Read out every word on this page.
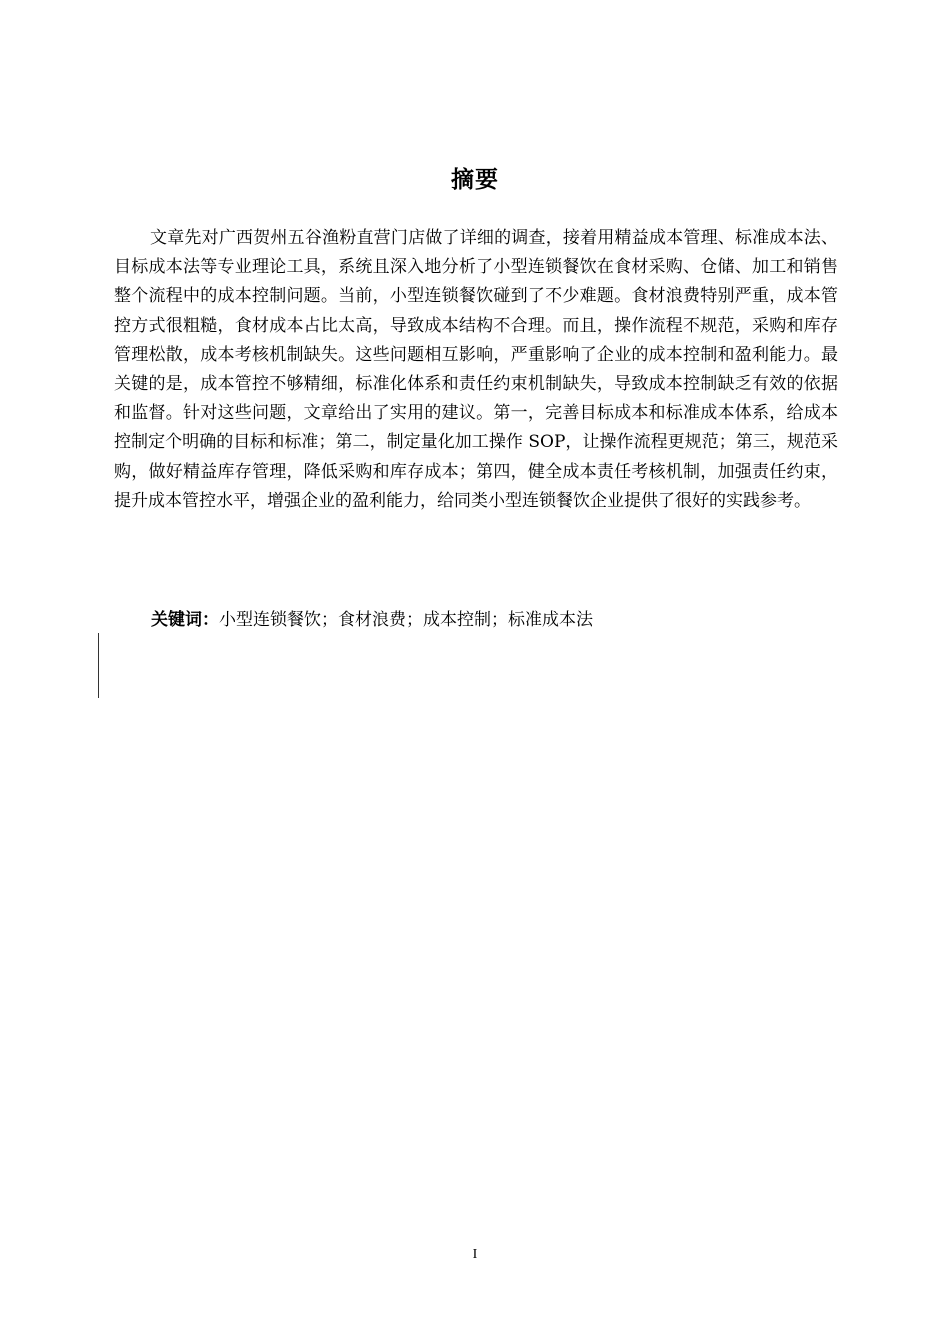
摘要

文章先对广西贺州五谷渔粉直营门店做了详细的调查，接着用精益成本管理、标准成本法、目标成本法等专业理论工具，系统且深入地分析了小型连锁餐饮在食材采购、仓储、加工和销售整个流程中的成本控制问题。当前，小型连锁餐饮碰到了不少难题。食材浪费特别严重，成本管控方式很粗糙，食材成本占比太高，导致成本结构不合理。而且，操作流程不规范，采购和库存管理松散，成本考核机制缺失。这些问题相互影响，严重影响了企业的成本控制和盈利能力。最关键的是，成本管控不够精细，标准化体系和责任约束机制缺失，导致成本控制缺乏有效的依据和监督。针对这些问题，文章给出了实用的建议。第一，完善目标成本和标准成本体系，给成本控制定个明确的目标和标准；第二，制定量化加工操作 SOP，让操作流程更规范；第三，规范采购，做好精益库存管理，降低采购和库存成本；第四，健全成本责任考核机制，加强责任约束，提升成本管控水平，增强企业的盈利能力，给同类小型连锁餐饮企业提供了很好的实践参考。

关键词：小型连锁餐饮；食材浪费；成本控制；标准成本法

I
